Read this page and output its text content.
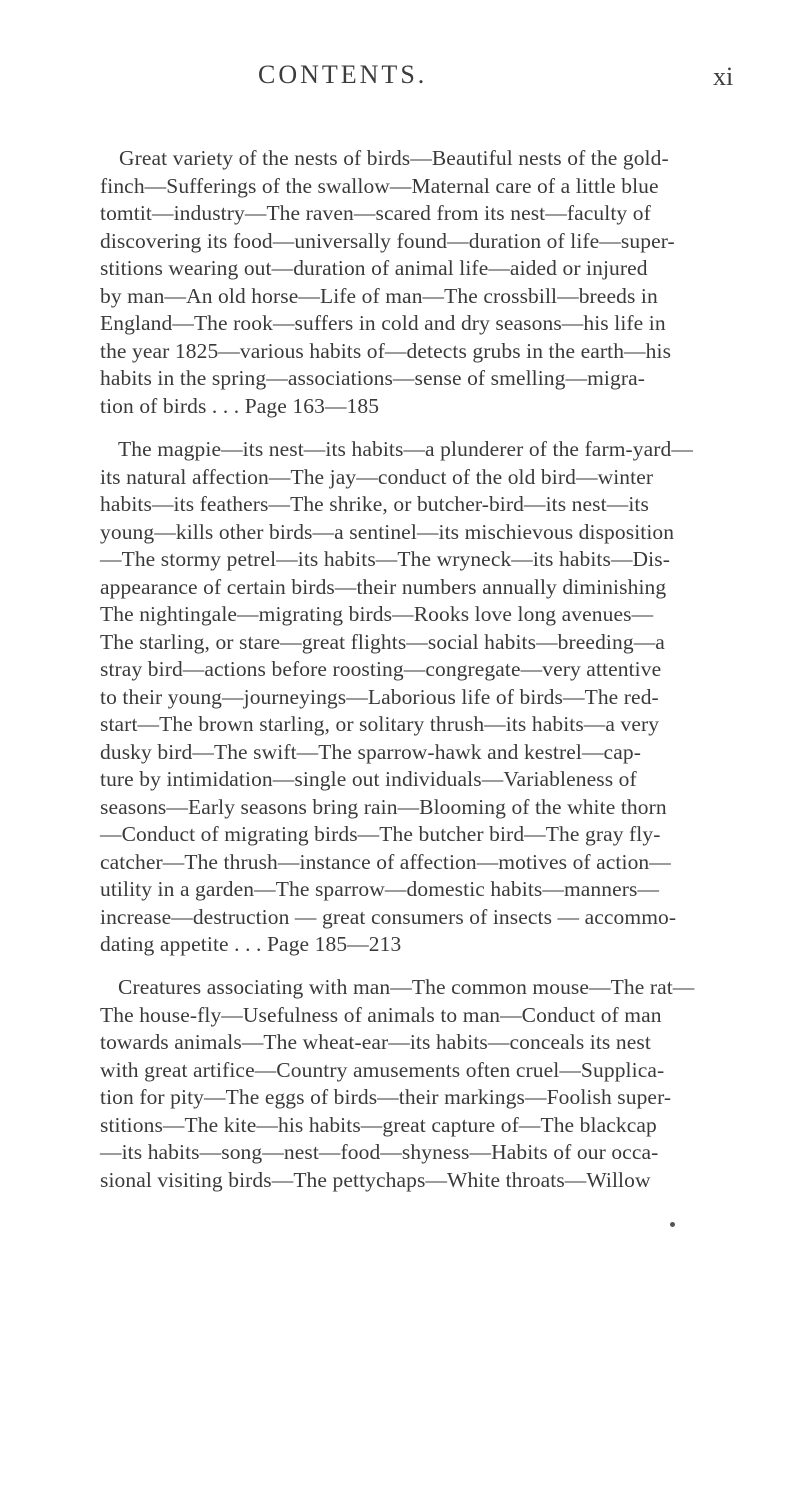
CONTENTS.	xi
Great variety of the nests of birds—Beautiful nests of the gold-
finch—Sufferings of the swallow—Maternal care of a little blue
tomtit—industry—The raven—scared from its nest—faculty of
discovering its food—universally found—duration of life—super-
stitions wearing out—duration of animal life—aided or injured
by man—An old horse—Life of man—The crossbill—breeds in
England—The rook—suffers in cold and dry seasons—his life in
the year 1825—various habits of—detects grubs in the earth—his
habits in the spring—associations—sense of smelling—migra-
tion of birds . . . Page 163—185
The magpie—its nest—its habits—a plunderer of the farm-yard—
its natural affection—The jay—conduct of the old bird—winter
habits—its feathers—The shrike, or butcher-bird—its nest—its
young—kills other birds—a sentinel—its mischievous disposition
—The stormy petrel—its habits—The wryneck—its habits—Dis-
appearance of certain birds—their numbers annually diminishing
The nightingale—migrating birds—Rooks love long avenues—
The starling, or stare—great flights—social habits—breeding—a
stray bird—actions before roosting—congregate—very attentive
to their young—journeyings—Laborious life of birds—The red-
start—The brown starling, or solitary thrush—its habits—a very
dusky bird—The swift—The sparrow-hawk and kestrel—cap-
ture by intimidation—single out individuals—Variableness of
seasons—Early seasons bring rain—Blooming of the white thorn
—Conduct of migrating birds—The butcher bird—The gray fly-
catcher—The thrush—instance of affection—motives of action—
utility in a garden—The sparrow—domestic habits—manners—
increase—destruction — great consumers of insects — accommo-
dating appetite . . . Page 185—213
Creatures associating with man—The common mouse—The rat—
The house-fly—Usefulness of animals to man—Conduct of man
towards animals—The wheat-ear—its habits—conceals its nest
with great artifice—Country amusements often cruel—Supplica-
tion for pity—The eggs of birds—their markings—Foolish super-
stitions—The kite—his habits—great capture of—The blackcap
—its habits—song—nest—food—shyness—Habits of our occa-
sional visiting birds—The pettychaps—White throats—Willow
